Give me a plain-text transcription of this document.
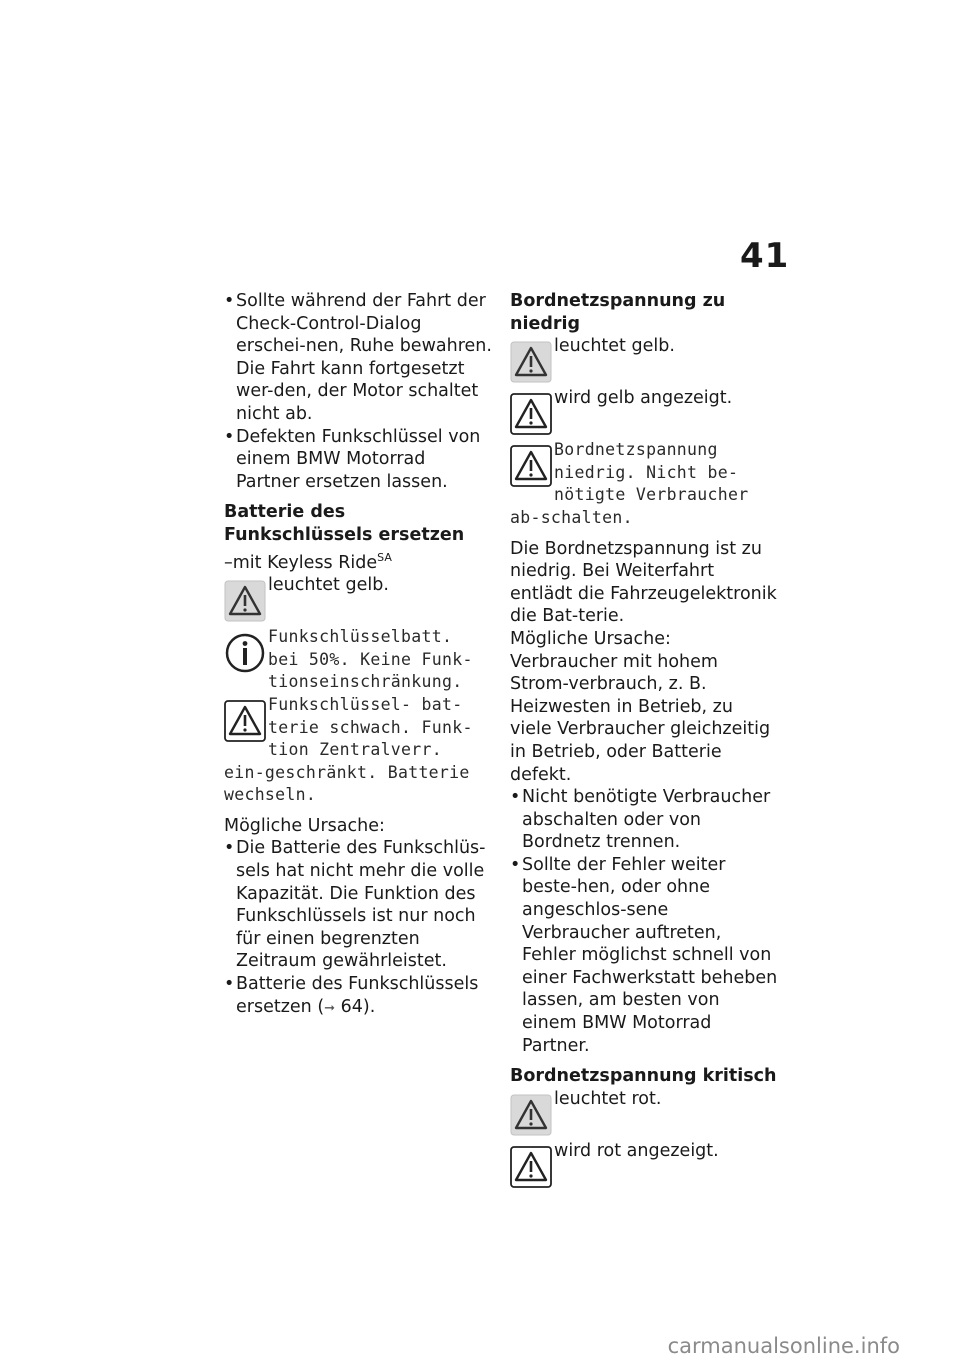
41

• Sollte während der Fahrt der Check-Control-Dialog erschei-nen, Ruhe bewahren. Die Fahrt kann fortgesetzt wer-den, der Motor schaltet nicht ab.

• Defekten Funkschlüssel von einem BMW Motorrad Partner ersetzen lassen.

Batterie des Funkschlüssels ersetzen

–mit Keyless Ride$^{SA}$

leuchtet gelb.
Funkschlüsselbatt. bei 50%. Keine Funk-tionseinschränkung.
Funkschlüssel- bat-terie schwach. Funk-tion Zentralverr. ein-geschränkt. Batterie wechseln.

Mögliche Ursache:

• Die Batterie des Funkschlüs-sels hat nicht mehr die volle Kapazität. Die Funktion des Funkschlüssels ist nur noch für einen begrenzten Zeitraum gewährleistet.

• Batterie des Funkschlüssels ersetzen (➞ 64).

Bordnetzspannung zu niedrig

leuchtet gelb.
wird gelb angezeigt.
Bordnetzspannung niedrig. Nicht be-nötigte Verbraucher ab-schalten.

Die Bordnetzspannung ist zu niedrig. Bei Weiterfahrt entlädt die Fahrzeugelektronik die Bat-terie.

Mögliche Ursache:

Verbraucher mit hohem Strom-verbrauch, z. B. Heizwesten in Betrieb, zu viele Verbraucher gleichzeitig in Betrieb, oder Batterie defekt.

• Nicht benötigte Verbraucher abschalten oder von Bordnetz trennen.

• Sollte der Fehler weiter beste-hen, oder ohne angeschlos-sene Verbraucher auftreten, Fehler möglichst schnell von einer Fachwerkstatt beheben lassen, am besten von einem BMW Motorrad Partner.

Bordnetzspannung kritisch

leuchtet rot.
wird rot angezeigt.
carmanualsonline.info
